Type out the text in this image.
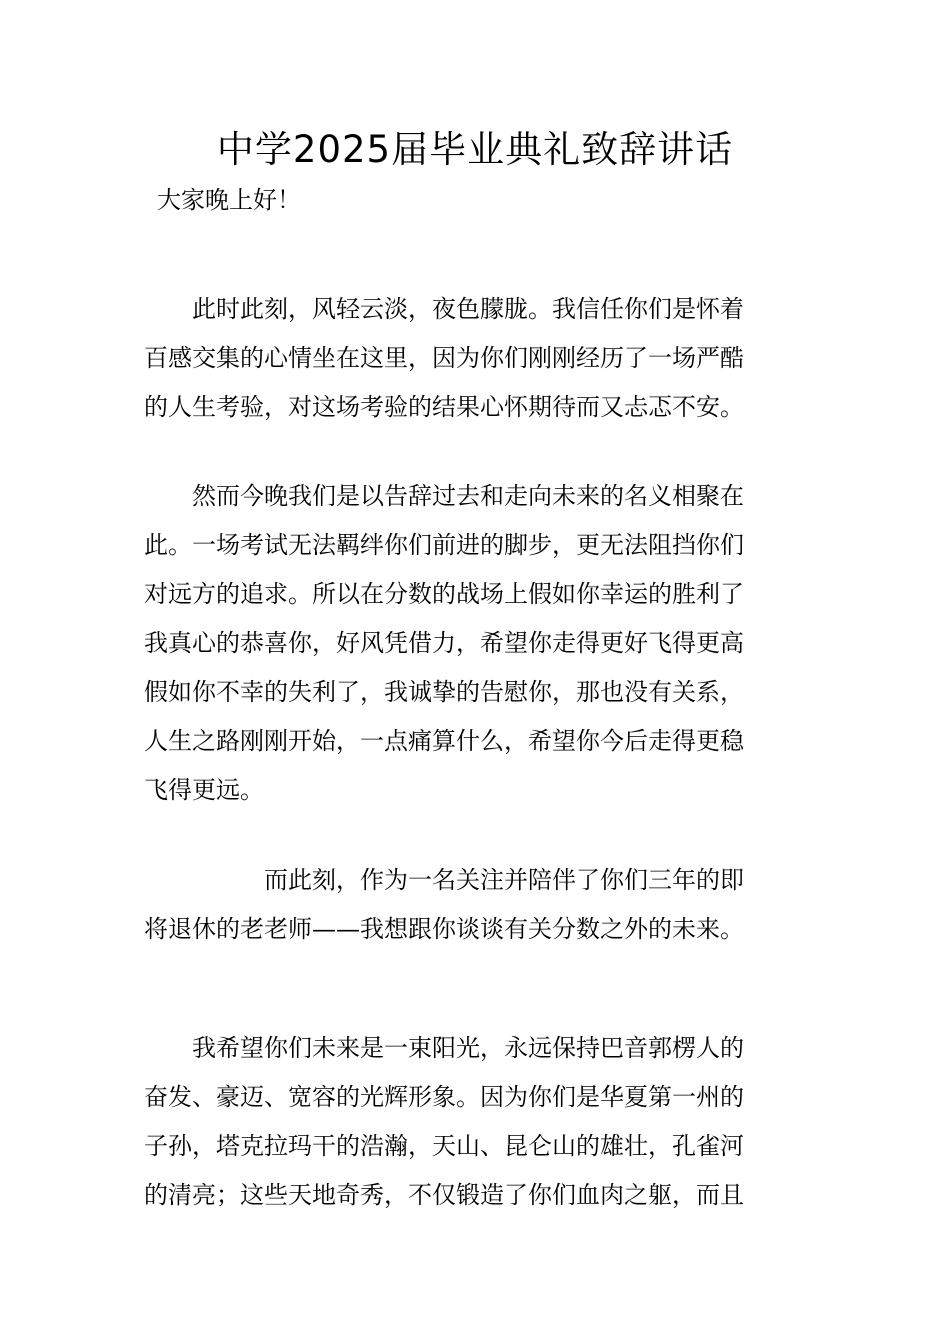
中学2025届毕业典礼致辞讲话
大家晚上好！
　　此时此刻，风轻云淡，夜色朦胧。我信任你们是怀着
百感交集的心情坐在这里，因为你们刚刚经历了一场严酷
的人生考验，对这场考验的结果心怀期待而又忐忑不安。
　　然而今晚我们是以告辞过去和走向未来的名义相聚在
此。一场考试无法羁绊你们前进的脚步，更无法阻挡你们
对远方的追求。所以在分数的战场上假如你幸运的胜利了
我真心的恭喜你，好风凭借力，希望你走得更好飞得更高
假如你不幸的失利了，我诚挚的告慰你，那也没有关系，
人生之路刚刚开始，一点痛算什么，希望你今后走得更稳
飞得更远。
　　　　　而此刻，作为一名关注并陪伴了你们三年的即
将退休的老老师——我想跟你谈谈有关分数之外的未来。
　　我希望你们未来是一束阳光，永远保持巴音郭楞人的
奋发、豪迈、宽容的光辉形象。因为你们是华夏第一州的
子孙，塔克拉玛干的浩瀚，天山、昆仑山的雄壮，孔雀河
的清亮；这些天地奇秀，不仅锻造了你们血肉之躯，而且
